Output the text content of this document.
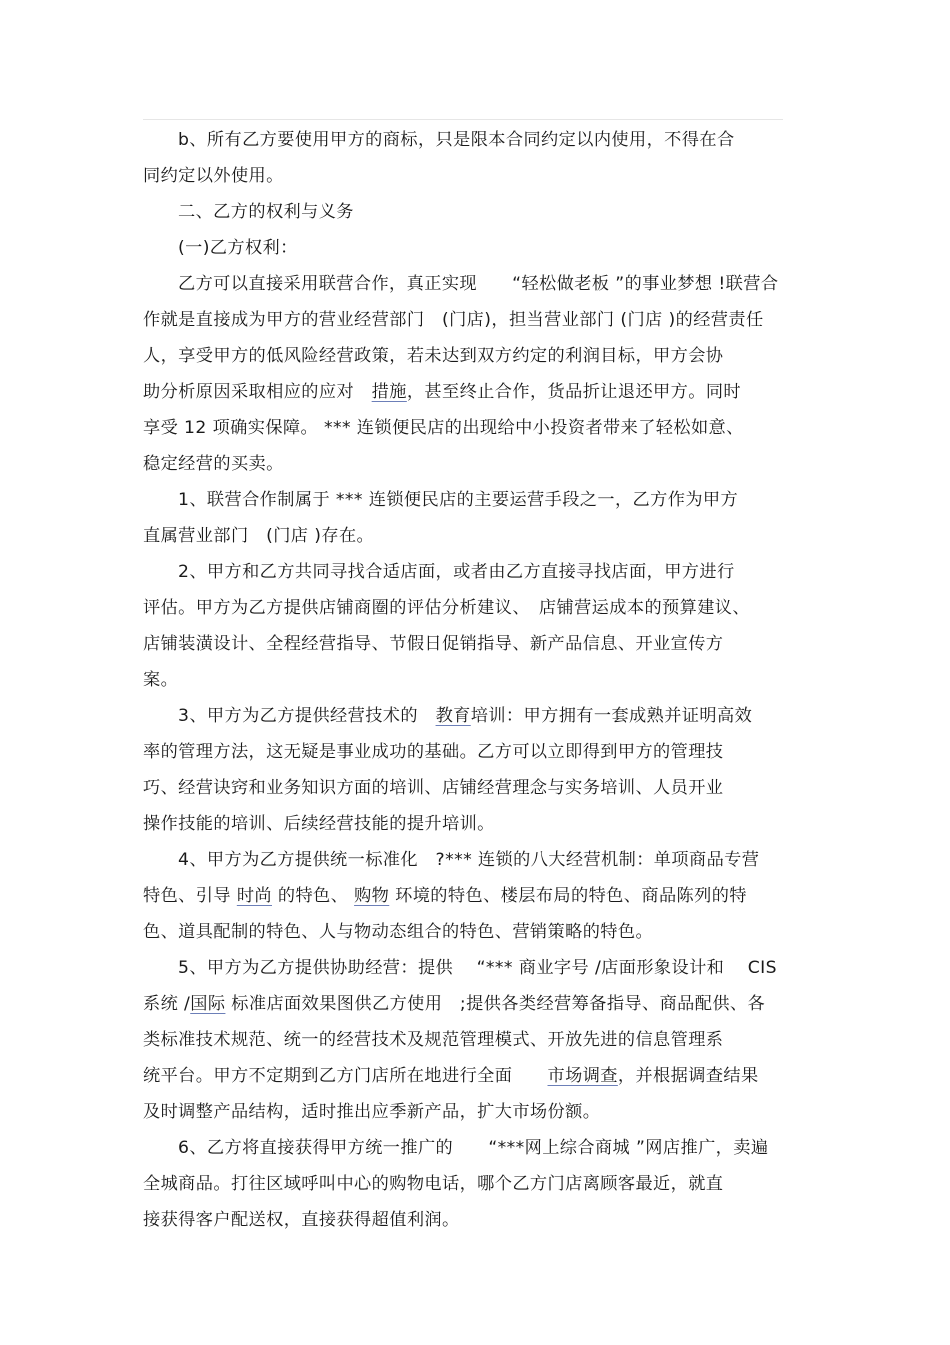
b、所有乙方要使用甲方的商标，只是限本合同约定以内使用，不得在合
同约定以外使用。
二、乙方的权利与义务
(一)乙方权利：
乙方可以直接采用联营合作，真正实现　　“轻松做老板 ”的事业梦想 !联营合
作就是直接成为甲方的营业经营部门　(门店)，担当营业部门 (门店 )的经营责任
人，享受甲方的低风险经营政策，若未达到双方约定的利润目标，甲方会协
助分析原因采取相应的应对　措施，甚至终止合作，货品折让退还甲方。同时
享受 12 项确实保障。 *** 连锁便民店的出现给中小投资者带来了轻松如意、
稳定经营的买卖。
1、联营合作制属于 *** 连锁便民店的主要运营手段之一，乙方作为甲方
直属营业部门　(门店 )存在。
2、甲方和乙方共同寻找合适店面，或者由乙方直接寻找店面，甲方进行
评估。甲方为乙方提供店铺商圈的评估分析建议、　店铺营运成本的预算建议、
店铺装潢设计、全程经营指导、节假日促销指导、新产品信息、开业宣传方
案。
3、甲方为乙方提供经营技术的　教育培训：甲方拥有一套成熟并证明高效
率的管理方法，这无疑是事业成功的基础。乙方可以立即得到甲方的管理技
巧、经营诀窍和业务知识方面的培训、店铺经营理念与实务培训、人员开业
操作技能的培训、后续经营技能的提升培训。
4、甲方为乙方提供统一标准化　?*** 连锁的八大经营机制：单项商品专营
特色、引导 时尚 的特色、 购物 环境的特色、楼层布局的特色、商品陈列的特
色、道具配制的特色、人与物动态组合的特色、营销策略的特色。
5、甲方为乙方提供协助经营：提供　 “*** 商业字号 /店面形象设计和　 CIS
系统 /国际 标准店面效果图供乙方使用　;提供各类经营筹备指导、商品配供、各
类标准技术规范、统一的经营技术及规范管理模式、开放先进的信息管理系
统平台。甲方不定期到乙方门店所在地进行全面　　市场调查，并根据调查结果
及时调整产品结构，适时推出应季新产品，扩大市场份额。
6、乙方将直接获得甲方统一推广的　　“***网上综合商城 ”网店推广，卖遍
全城商品。打往区域呼叫中心的购物电话，哪个乙方门店离顾客最近，就直
接获得客户配送权，直接获得超值利润。
